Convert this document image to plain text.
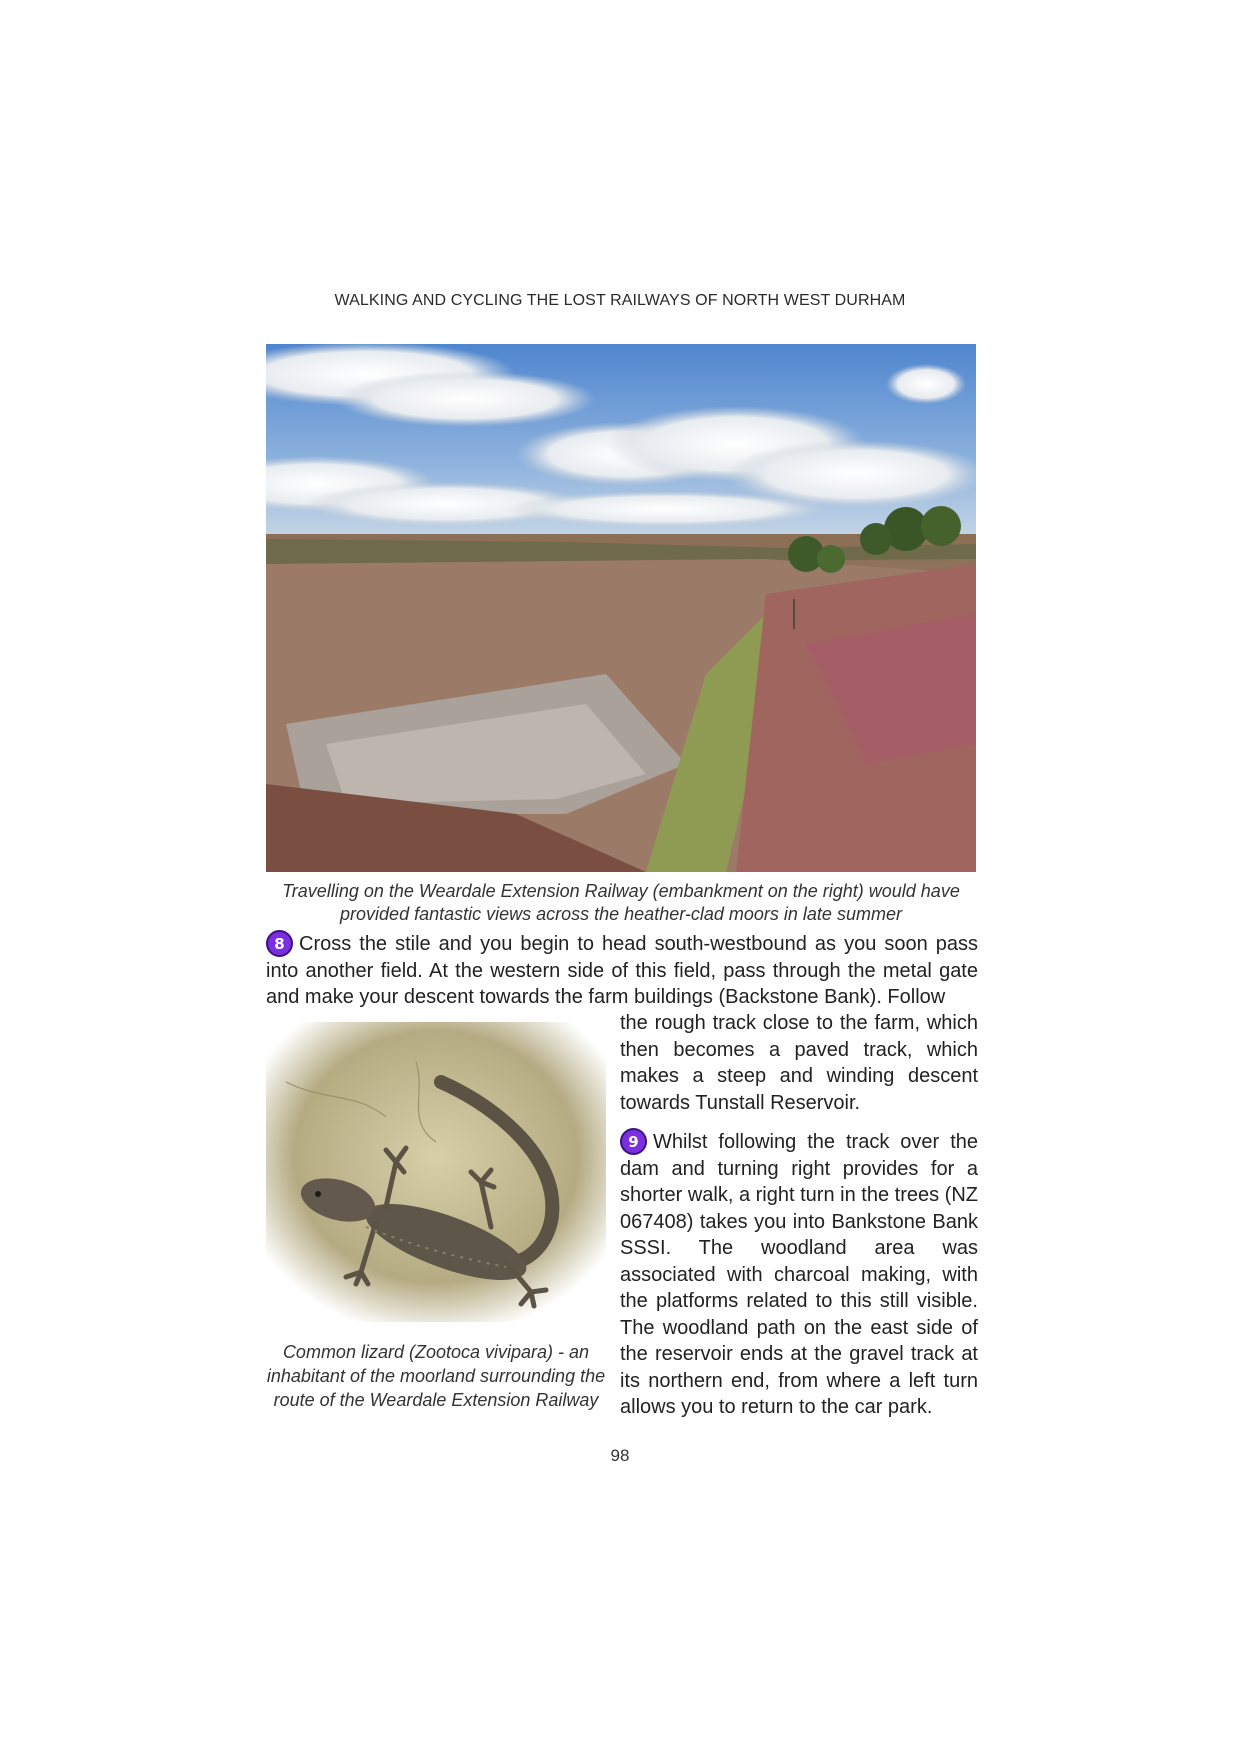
WALKING AND CYCLING THE LOST RAILWAYS OF NORTH WEST DURHAM
Travelling on the Weardale Extension Railway (embankment on the right) would have provided fantastic views across the heather-clad moors in late summer

8 Cross the stile and you begin to head south-westbound as you soon pass into another field. At the western side of this field, pass through the metal gate and make your descent towards the farm buildings (Backstone Bank). Follow

the rough track close to the farm, which then becomes a paved track, which makes a steep and winding descent towards Tunstall Reservoir.

9 Whilst following the track over the dam and turning right provides for a shorter walk, a right turn in the trees (NZ 067408) takes you into Bankstone Bank SSSI. The woodland area was associated with charcoal making, with the platforms related to this still visible. The woodland path on the east side of the reservoir ends at the gravel track at its northern end, from where a left turn allows you to return to the car park.

Common lizard (Zootoca vivipara) - an inhabitant of the moorland surrounding the route of the Weardale Extension Railway
98
